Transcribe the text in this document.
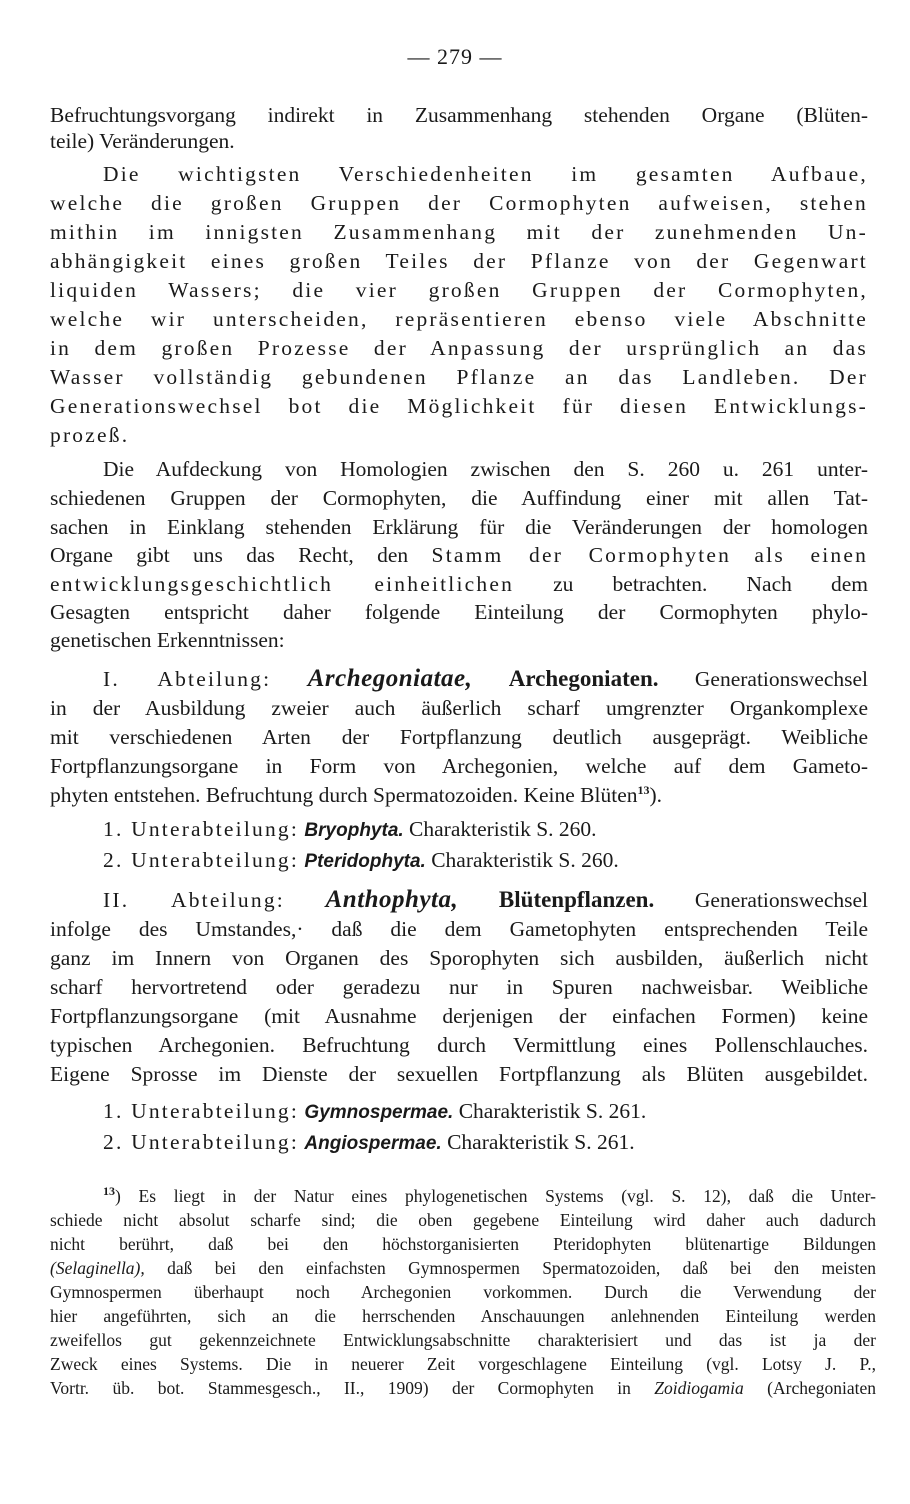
— 279 —
Befruchtungsvorgang indirekt in Zusammenhang stehenden Organe (Blüten-
teile) Veränderungen.
Die wichtigsten Verschiedenheiten im gesamten Aufbaue,
welche die großen Gruppen der Cormophyten aufweisen, stehen
mithin im innigsten Zusammenhang mit der zunehmenden Un-
abhängigkeit eines großen Teiles der Pflanze von der Gegenwart
liquiden Wassers; die vier großen Gruppen der Cormophyten,
welche wir unterscheiden, repräsentieren ebenso viele Abschnitte
in dem großen Prozesse der Anpassung der ursprünglich an das
Wasser vollständig gebundenen Pflanze an das Landleben. Der
Generationswechsel bot die Möglichkeit für diesen Entwicklungs-
prozeß.
Die Aufdeckung von Homologien zwischen den S. 260 u. 261 unter-
schiedenen Gruppen der Cormophyten, die Auffindung einer mit allen Tat-
sachen in Einklang stehenden Erklärung für die Veränderungen der homologen
Organe gibt uns das Recht, den Stamm der Cormophyten als einen
entwicklungsgeschichtlich einheitlichen zu betrachten. Nach dem
Gesagten entspricht daher folgende Einteilung der Cormophyten phylo-
genetischen Erkenntnissen:
I. Abteilung: Archegoniatae, Archegoniaten. Generationswechsel
in der Ausbildung zweier auch äußerlich scharf umgrenzter Organkomplexe
mit verschiedenen Arten der Fortpflanzung deutlich ausgeprägt. Weibliche
Fortpflanzungsorgane in Form von Archegonien, welche auf dem Gameto-
phyten entstehen. Befruchtung durch Spermatozoiden. Keine Blüten$^{13}$).
1. Unterabteilung: Bryophyta. Charakteristik S. 260.
2. Unterabteilung: Pteridophyta. Charakteristik S. 260.
II. Abteilung: Anthophyta, Blütenpflanzen. Generationswechsel
infolge des Umstandes,· daß die dem Gametophyten entsprechenden Teile
ganz im Innern von Organen des Sporophyten sich ausbilden, äußerlich nicht
scharf hervortretend oder geradezu nur in Spuren nachweisbar. Weibliche
Fortpflanzungsorgane (mit Ausnahme derjenigen der einfachen Formen) keine
typischen Archegonien. Befruchtung durch Vermittlung eines Pollenschlauches.
Eigene Sprosse im Dienste der sexuellen Fortpflanzung als Blüten ausgebildet.
1. Unterabteilung: Gymnospermae. Charakteristik S. 261.
2. Unterabteilung: Angiospermae. Charakteristik S. 261.
$^{13}$) Es liegt in der Natur eines phylogenetischen Systems (vgl. S. 12), daß die Unter-
schiede nicht absolut scharfe sind; die oben gegebene Einteilung wird daher auch dadurch
nicht berührt, daß bei den höchstorganisierten Pteridophyten blütenartige Bildungen
(Selaginella), daß bei den einfachsten Gymnospermen Spermatozoiden, daß bei den meisten
Gymnospermen überhaupt noch Archegonien vorkommen. Durch die Verwendung der
hier angeführten, sich an die herrschenden Anschauungen anlehnenden Einteilung werden
zweifellos gut gekennzeichnete Entwicklungsabschnitte charakterisiert und das ist ja der
Zweck eines Systems. Die in neuerer Zeit vorgeschlagene Einteilung (vgl. Lotsy J. P.,
Vortr. üb. bot. Stammesgesch., II., 1909) der Cormophyten in Zoidiogamia (Archegoniaten
